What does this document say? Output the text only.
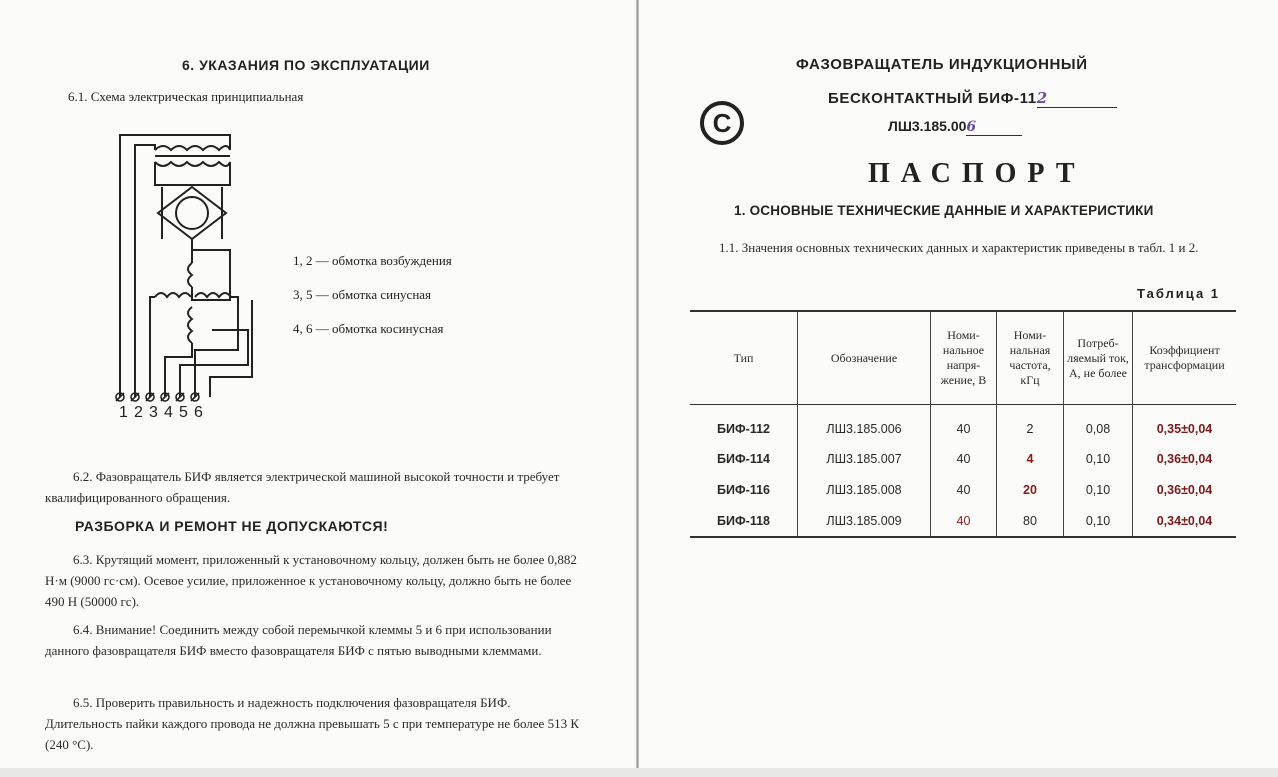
6. УКАЗАНИЯ ПО ЭКСПЛУАТАЦИИ
6.1. Схема электрическая принципиальная
1 2 3 4 5 6
1, 2 — обмотка возбуждения
3, 5 — обмотка синусная
4, 6 — обмотка косинусная
6.2. Фазовращатель БИФ является электрической машиной высокой точности и требует квалифицированного обращения.
РАЗБОРКА И РЕМОНТ НЕ ДОПУСКАЮТСЯ!
6.3. Крутящий момент, приложенный к установочному кольцу, должен быть не более 0,882 Н·м (9000 гс·см). Осевое усилие, приложенное к установочному кольцу, должно быть не более 490 Н (50000 гс).
6.4. Внимание! Соединить между собой перемычкой клеммы 5 и 6 при использовании данного фазовращателя БИФ вместо фазовращателя БИФ с пятью выводными клеммами.
6.5. Проверить правильность и надежность подключения фазовращателя БИФ. Длительность пайки каждого провода не должна превышать 5 с при температуре не более 513 К (240 °С).
ФАЗОВРАЩАТЕЛЬ ИНДУКЦИОННЫЙ
БЕСКОНТАКТНЫЙ БИФ-112
ЛШ3.185.006
C
ПАСПОРТ
1. ОСНОВНЫЕ ТЕХНИЧЕСКИЕ ДАННЫЕ И ХАРАКТЕРИСТИКИ
1.1. Значения основных технических данных и характеристик приведены в табл. 1 и 2.
Таблица 1
Тип	Обозначение	Номи-нальное напря-жение, В	Номи-нальная частота, кГц	Потреб-ляемый ток, А, не более	Коэффициент трансформации
БИФ-112	ЛШ3.185.006	40	2	0,08	0,35±0,04
БИФ-114	ЛШ3.185.007	40	4	0,10	0,36±0,04
БИФ-116	ЛШ3.185.008	40	20	0,10	0,36±0,04
БИФ-118	ЛШ3.185.009	40	80	0,10	0,34±0,04
